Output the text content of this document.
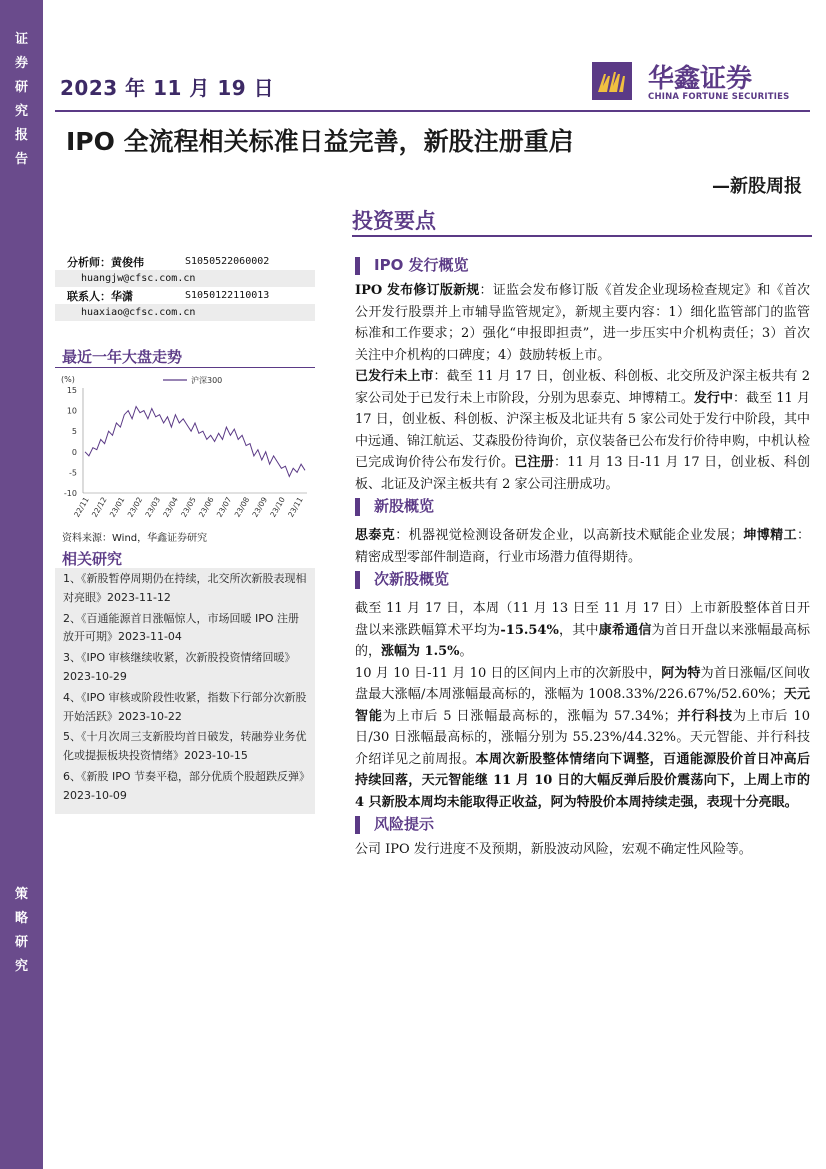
证
券
研
究
报
告
策
略
研
究
2023 年 11 月 19 日	华鑫证券
CHINA FORTUNE SECURITIES
IPO 全流程相关标准日益完善，新股注册重启
—新股周报
投资要点
分析师：黄俊伟	S1050522060002
huangjw@cfsc.com.cn
联系人：华潇	S1050122110013
huaxiao@cfsc.com.cn
最近一年大盘走势
(%)	沪深300
15
10
5
0
-5
-10
22/11 22/12 23/01 23/02 23/03 23/04 23/05 23/06 23/07 23/08 23/09 23/10 23/11
资料来源：Wind，华鑫证券研究
相关研究
1、《新股暂停周期仍在持续，北交所次新股表现相对亮眼》2023-11-12
2、《百通能源首日涨幅惊人，市场回暖 IPO 注册放开可期》2023-11-04
3、《IPO 审核继续收紧，次新股投资情绪回暖》2023-10-29
4、《IPO 审核或阶段性收紧，指数下行部分次新股开始活跃》2023-10-22
5、《十月次周三支新股均首日破发，转融券业务优化或提振板块投资情绪》2023-10-15
6、《新股 IPO 节奏平稳，部分优质个股超跌反弹》2023-10-09
IPO 发行概览

IPO 发布修订版新规：证监会发布修订版《首发企业现场检查规定》和《首次公开发行股票并上市辅导监管规定》，新规主要内容：1）细化监管部门的监管标准和工作要求；2）强化“申报即担责”，进一步压实中介机构责任；3）首次关注中介机构的口碑度；4）鼓励转板上市。

已发行未上市：截至 11 月 17 日，创业板、科创板、北交所及沪深主板共有 2 家公司处于已发行未上市阶段，分别为思泰克、坤博精工。发行中：截至 11 月 17 日，创业板、科创板、沪深主板及北证共有 5 家公司处于发行中阶段，其中中远通、锦江航运、艾森股份待询价，京仪装备已公布发行价待申购，中机认检已完成询价待公布发行价。已注册：11 月 13 日-11 月 17 日，创业板、科创板、北证及沪深主板共有 2 家公司注册成功。

新股概览

思泰克：机器视觉检测设备研发企业，以高新技术赋能企业发展；坤博精工：精密成型零部件制造商，行业市场潜力值得期待。

次新股概览

截至 11 月 17 日，本周（11 月 13 日至 11 月 17 日）上市新股整体首日开盘以来涨跌幅算术平均为-15.54%，其中康希通信为首日开盘以来涨幅最高标的，涨幅为 1.5%。

10 月 10 日-11 月 10 日的区间内上市的次新股中，阿为特为首日涨幅/区间收盘最大涨幅/本周涨幅最高标的，涨幅为 1008.33%/226.67%/52.60%；天元智能为上市后 5 日涨幅最高标的，涨幅为 57.34%；并行科技为上市后 10 日/30 日涨幅最高标的，涨幅分别为 55.23%/44.32%。天元智能、并行科技介绍详见之前周报。本周次新股整体情绪向下调整，百通能源股价首日冲高后持续回落，天元智能继 11 月 10 日的大幅反弹后股价震荡向下，上周上市的 4 只新股本周均未能取得正收益，阿为特股价本周持续走强，表现十分亮眼。

风险提示

公司 IPO 发行进度不及预期，新股波动风险，宏观不确定性风险等。
